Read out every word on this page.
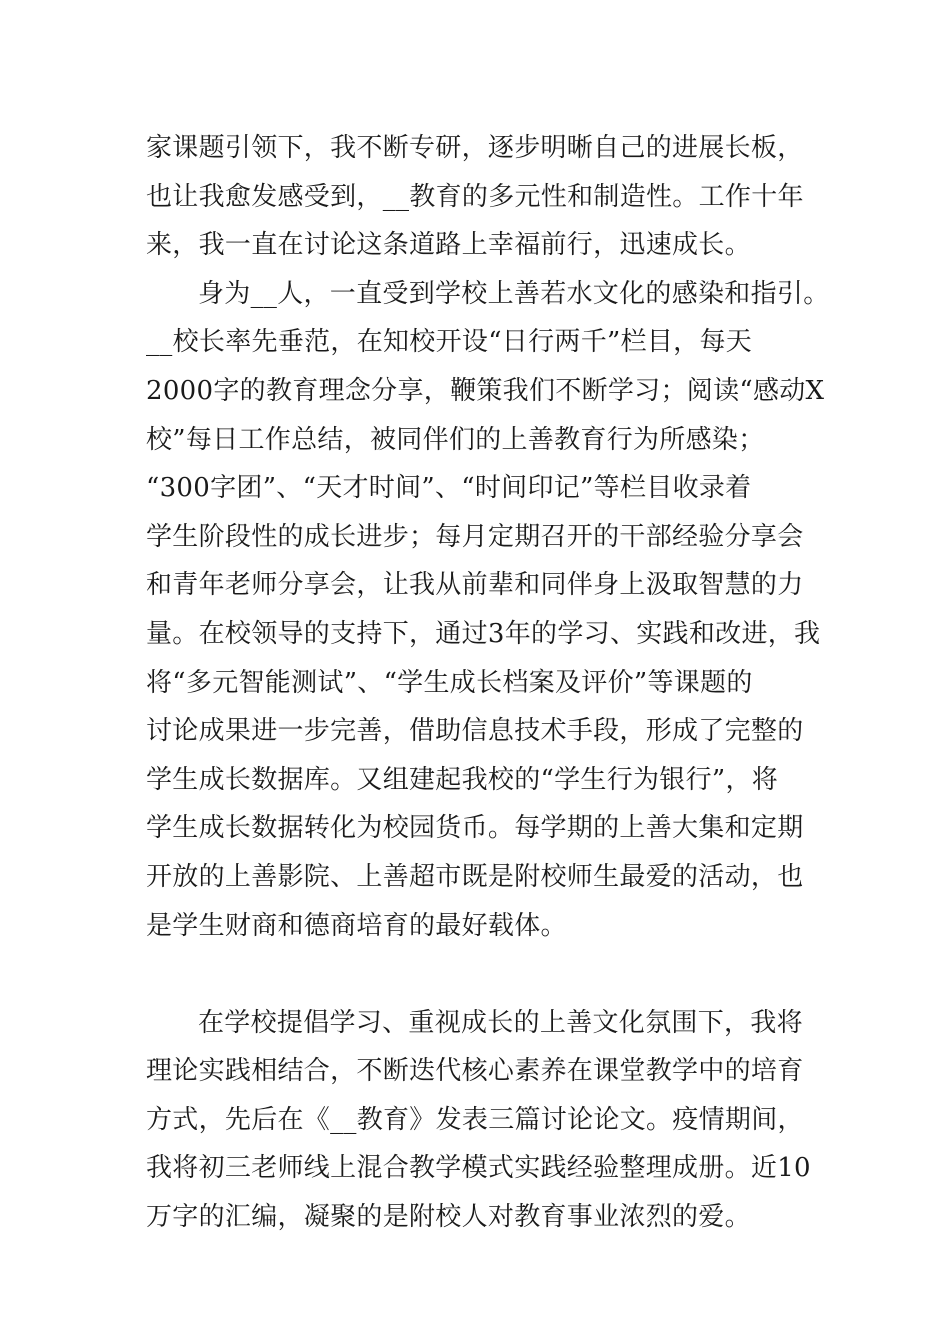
家课题引领下，我不断专研，逐步明晰自己的进展长板，
也让我愈发感受到，__教育的多元性和制造性。工作十年
来，我一直在讨论这条道路上幸福前行，迅速成长。
身为__人，一直受到学校上善若水文化的感染和指引。
__校长率先垂范，在知校开设“日行两千”栏目，每天
2000字的教育理念分享，鞭策我们不断学习；阅读“感动X
校”每日工作总结，被同伴们的上善教育行为所感染；
“300字团”、“天才时间”、“时间印记”等栏目收录着
学生阶段性的成长进步；每月定期召开的干部经验分享会
和青年老师分享会，让我从前辈和同伴身上汲取智慧的力
量。在校领导的支持下，通过3年的学习、实践和改进，我
将“多元智能测试”、“学生成长档案及评价”等课题的
讨论成果进一步完善，借助信息技术手段，形成了完整的
学生成长数据库。又组建起我校的“学生行为银行”，将
学生成长数据转化为校园货币。每学期的上善大集和定期
开放的上善影院、上善超市既是附校师生最爱的活动，也
是学生财商和德商培育的最好载体。
在学校提倡学习、重视成长的上善文化氛围下，我将
理论实践相结合，不断迭代核心素养在课堂教学中的培育
方式，先后在《__教育》发表三篇讨论论文。疫情期间，
我将初三老师线上混合教学模式实践经验整理成册。近10
万字的汇编，凝聚的是附校人对教育事业浓烈的爱。
